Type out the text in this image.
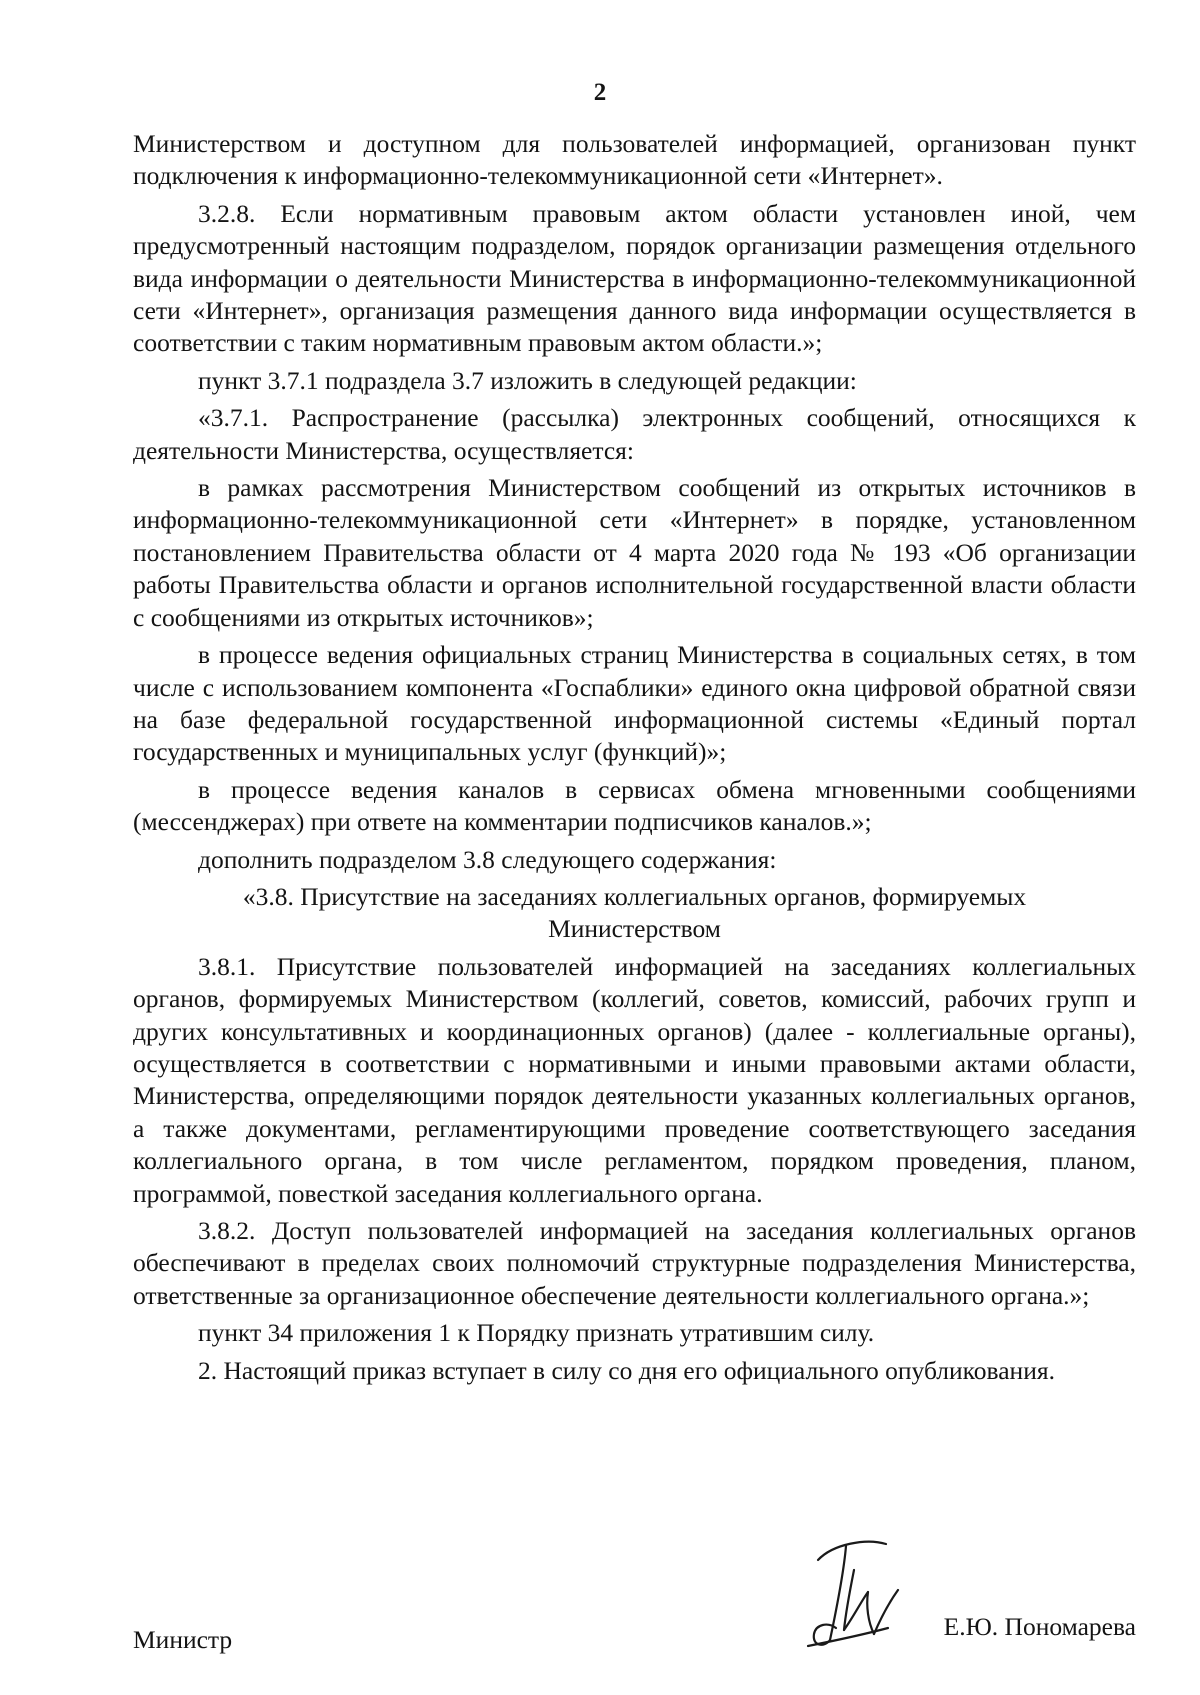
2

Министерством и доступном для пользователей информацией, организован пункт подключения к информационно-телекоммуникационной сети «Интернет».

3.2.8. Если нормативным правовым актом области установлен иной, чем предусмотренный настоящим подразделом, порядок организации размещения отдельного вида информации о деятельности Министерства в информационно-телекоммуникационной сети «Интернет», организация размещения данного вида информации осуществляется в соответствии с таким нормативным правовым актом области.»;

пункт 3.7.1 подраздела 3.7 изложить в следующей редакции:

«3.7.1. Распространение (рассылка) электронных сообщений, относящихся к деятельности Министерства, осуществляется:

в рамках рассмотрения Министерством сообщений из открытых источников в информационно-телекоммуникационной сети «Интернет» в порядке, установленном постановлением Правительства области от 4 марта 2020 года № 193 «Об организации работы Правительства области и органов исполнительной государственной власти области с сообщениями из открытых источников»;

в процессе ведения официальных страниц Министерства в социальных сетях, в том числе с использованием компонента «Госпаблики» единого окна цифровой обратной связи на базе федеральной государственной информационной системы «Единый портал государственных и муниципальных услуг (функций)»;

в процессе ведения каналов в сервисах обмена мгновенными сообщениями (мессенджерах) при ответе на комментарии подписчиков каналов.»;

дополнить подразделом 3.8 следующего содержания:

«3.8. Присутствие на заседаниях коллегиальных органов, формируемых Министерством

3.8.1. Присутствие пользователей информацией на заседаниях коллегиальных органов, формируемых Министерством (коллегий, советов, комиссий, рабочих групп и других консультативных и координационных органов) (далее - коллегиальные органы), осуществляется в соответствии с нормативными и иными правовыми актами области, Министерства, определяющими порядок деятельности указанных коллегиальных органов, а также документами, регламентирующими проведение соответствующего заседания коллегиального органа, в том числе регламентом, порядком проведения, планом, программой, повесткой заседания коллегиального органа.

3.8.2. Доступ пользователей информацией на заседания коллегиальных органов обеспечивают в пределах своих полномочий структурные подразделения Министерства, ответственные за организационное обеспечение деятельности коллегиального органа.»;

пункт 34 приложения 1 к Порядку признать утратившим силу.

2. Настоящий приказ вступает в силу со дня его официального опубликования.

Министр	Е.Ю. Пономарева
